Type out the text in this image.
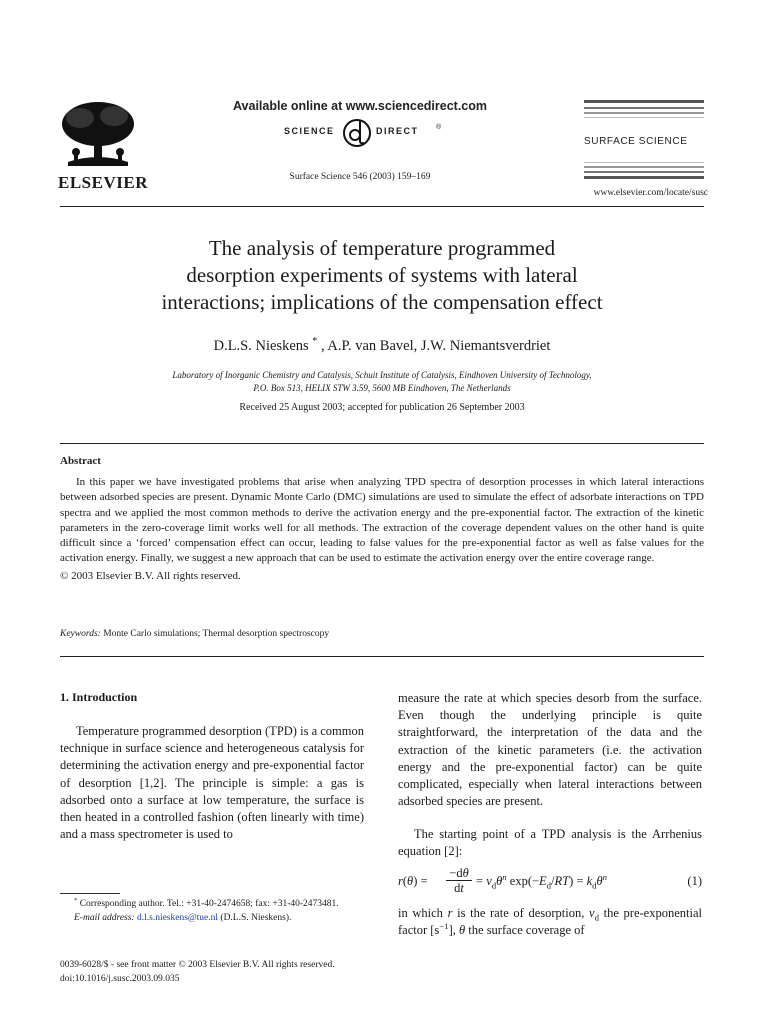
ELSEVIER
Available online at www.sciencedirect.com
SCIENCE	DIRECT	®
Surface Science 546 (2003) 159–169
SURFACE SCIENCE
www.elsevier.com/locate/susc
The analysis of temperature programmed
desorption experiments of systems with lateral
interactions; implications of the compensation effect
D.L.S. Nieskens * , A.P. van Bavel, J.W. Niemantsverdriet
Laboratory of Inorganic Chemistry and Catalysis, Schuit Institute of Catalysis, Eindhoven University of Technology,
P.O. Box 513, HELIX STW 3.59, 5600 MB Eindhoven, The Netherlands
Received 25 August 2003; accepted for publication 26 September 2003
Abstract
In this paper we have investigated problems that arise when analyzing TPD spectra of desorption processes in which lateral interactions between adsorbed species are present. Dynamic Monte Carlo (DMC) simulations are used to simulate the effect of adsorbate interactions on TPD spectra and we applied the most common methods to derive the activation energy and the pre-exponential factor. The extraction of the kinetic parameters in the zero-coverage limit works well for all methods. The extraction of the coverage dependent values on the other hand is quite difficult since a ‘forced’ compensation effect can occur, leading to false values for the pre-exponential factor as well as false values for the activation energy. Finally, we suggest a new approach that can be used to estimate the activation energy over the entire coverage range.
© 2003 Elsevier B.V. All rights reserved.
Keywords: Monte Carlo simulations; Thermal desorption spectroscopy
1. Introduction
Temperature programmed desorption (TPD) is a common technique in surface science and heterogeneous catalysis for determining the activation energy and pre-exponential factor of desorption [1,2]. The principle is simple: a gas is adsorbed onto a surface at low temperature, the surface is then heated in a controlled fashion (often linearly with time) and a mass spectrometer is used to
* Corresponding author. Tel.: +31-40-2474658; fax: +31-40-2473481.
E-mail address: d.l.s.nieskens@tue.nl (D.L.S. Nieskens).
measure the rate at which species desorb from the surface. Even though the underlying principle is quite straightforward, the interpretation of the data and the extraction of the kinetic parameters (i.e. the activation energy and the pre-exponential factor) can be quite complicated, especially when lateral interactions between adsorbed species are present.
The starting point of a TPD analysis is the Arrhenius equation [2]:
r(θ) =
−dθ
dt = $v_d\theta^n$ $\exp(-E_d/RT) = k_d\theta^n$	(1)
in which r is the rate of desorption, $v_d$ the pre-exponential factor $[s^{-1}]$, θ the surface coverage of
0039-6028/$ - see front matter © 2003 Elsevier B.V. All rights reserved.
doi:10.1016/j.susc.2003.09.035
